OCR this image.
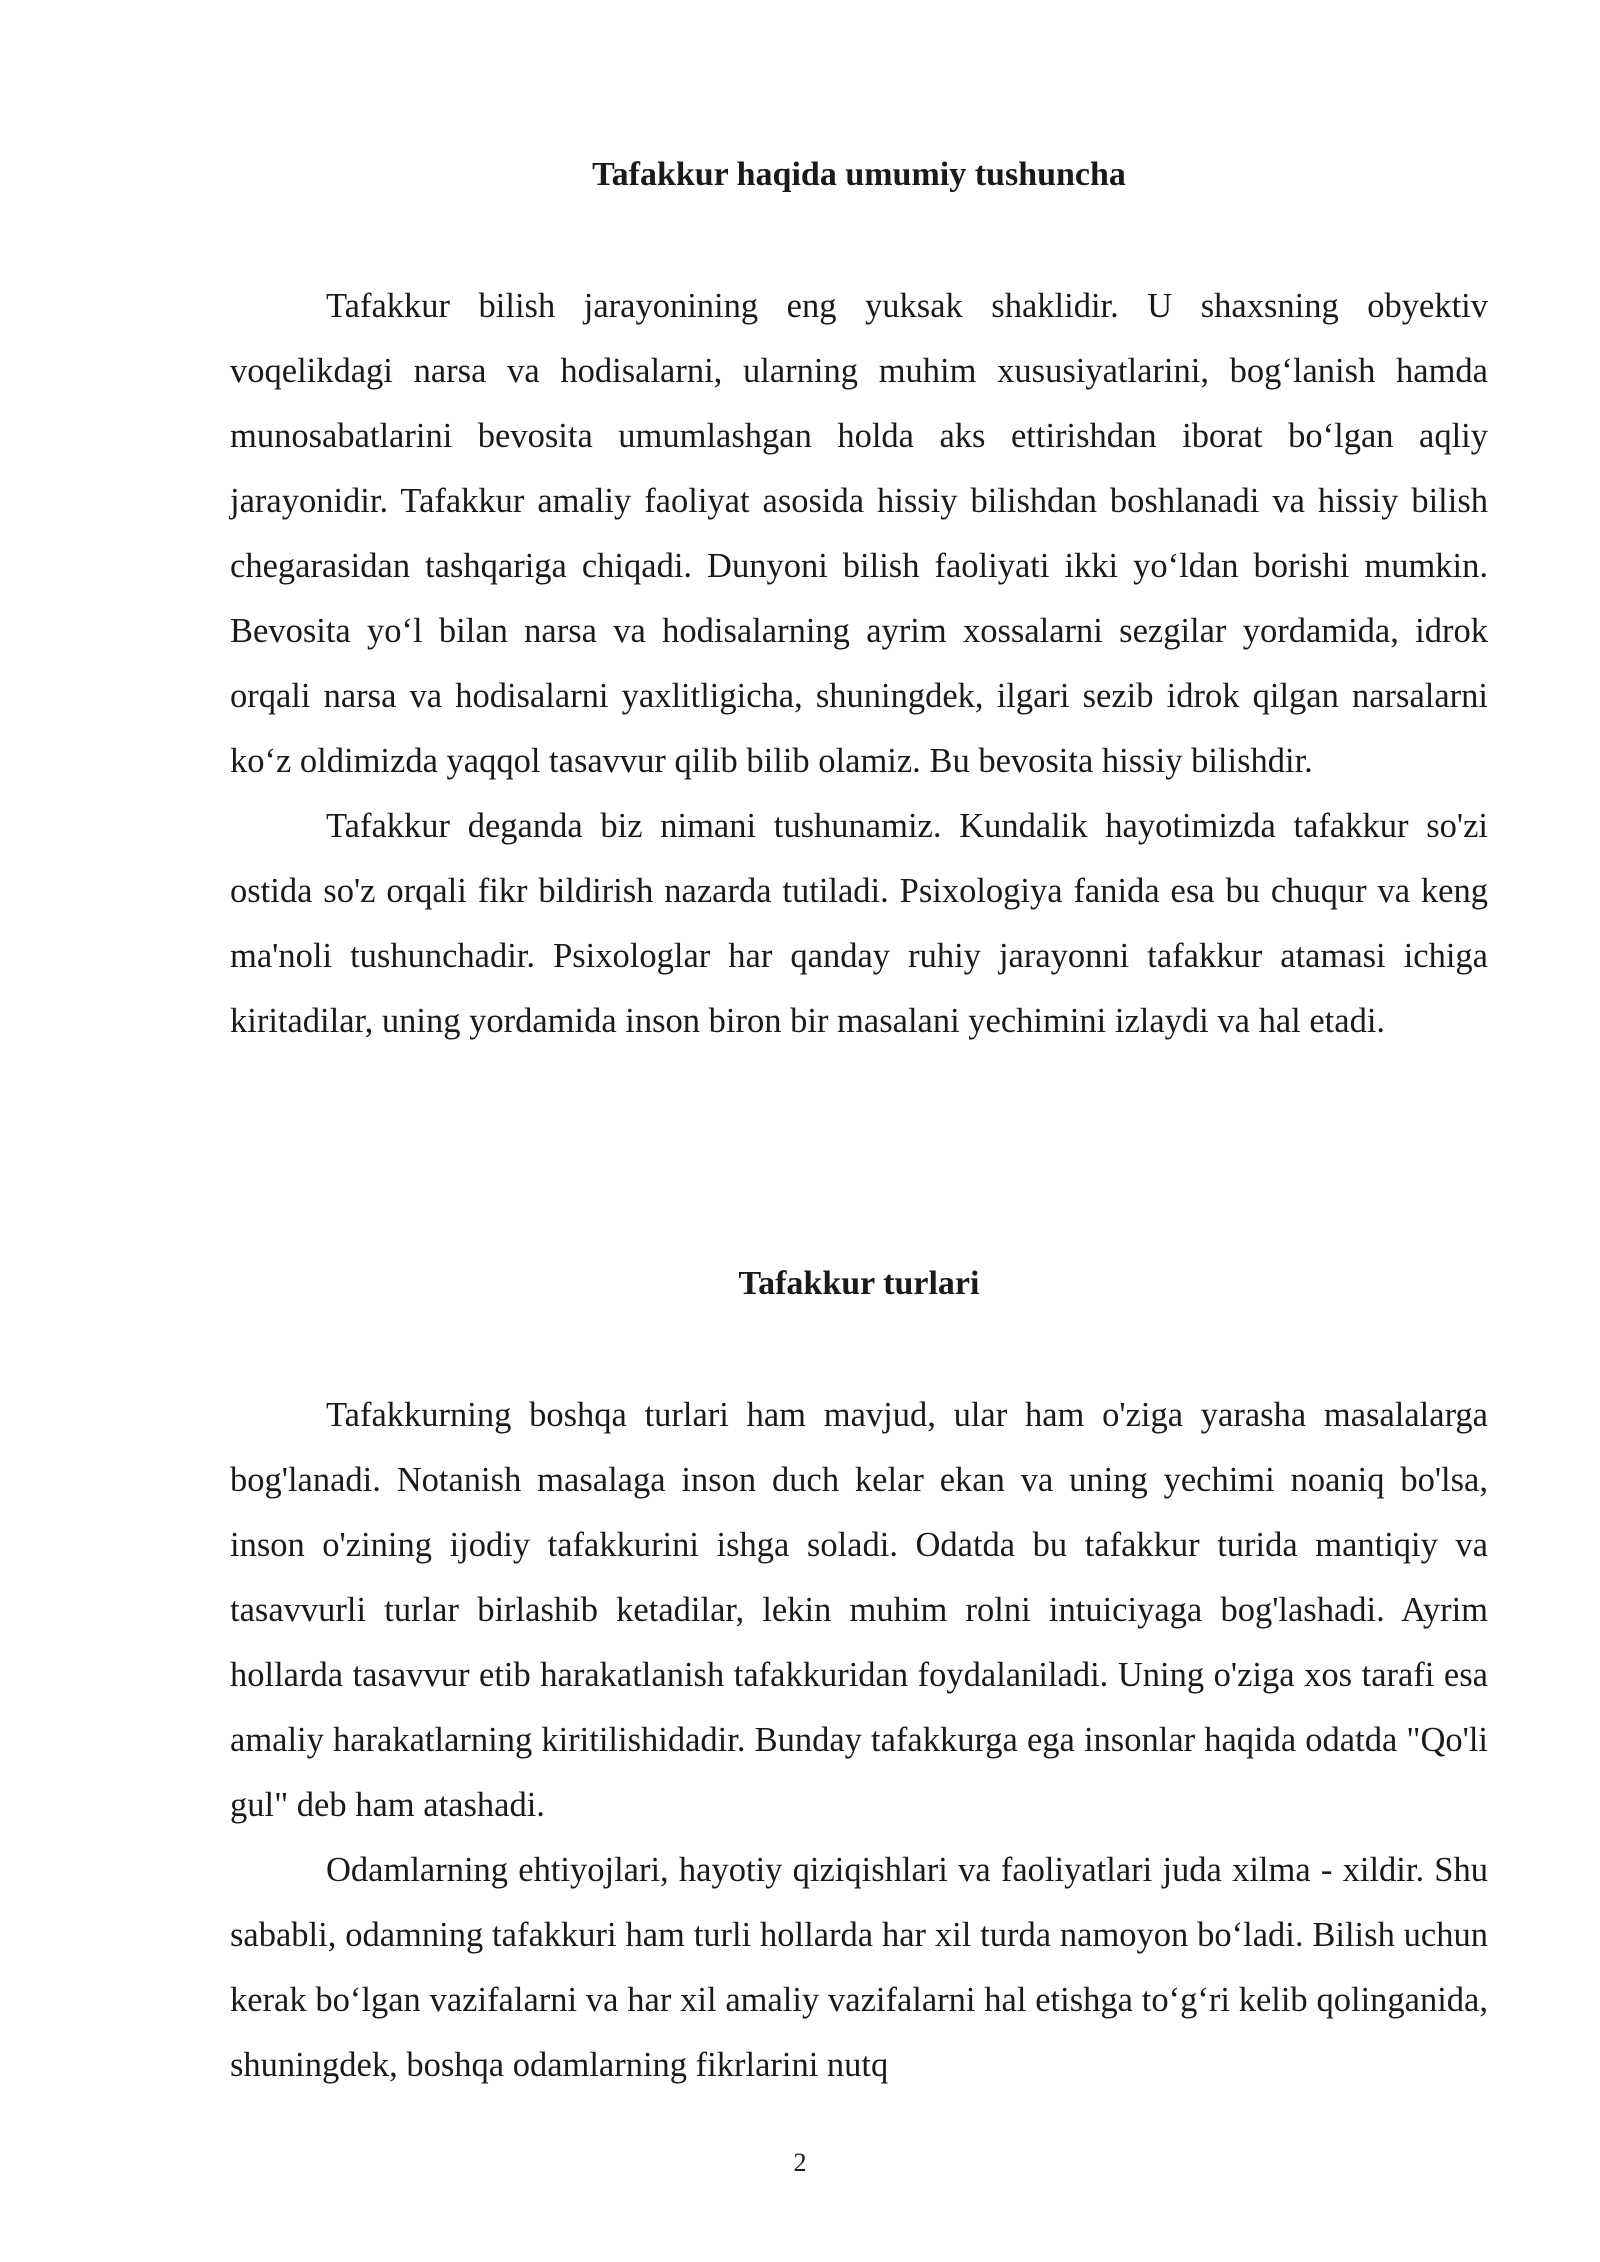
Tafakkur haqida umumiy tushuncha

Tafakkur bilish jarayonining eng yuksak shaklidir. U shaxsning obyektiv voqelikdagi narsa va hodisalarni, ularning muhim xususiyatlarini, bog‘lanish hamda munosabatlarini bevosita umumlashgan holda aks ettirishdan iborat bo‘lgan aqliy jarayonidir. Tafakkur amaliy faoliyat asosida hissiy bilishdan boshlanadi va hissiy bilish chegarasidan tashqariga chiqadi. Dunyoni bilish faoliyati ikki yo‘ldan borishi mumkin. Bevosita yo‘l bilan narsa va hodisalarning ayrim xossalarni sezgilar yordamida, idrok orqali narsa va hodisalarni yaxlitligicha, shuningdek, ilgari sezib idrok qilgan narsalarni ko‘z oldimizda yaqqol tasavvur qilib bilib olamiz. Bu bevosita hissiy bilishdir.

Tafakkur deganda biz nimani tushunamiz. Kundalik hayotimizda tafakkur so'zi ostida so'z orqali fikr bildirish nazarda tutiladi. Psixologiya fanida esa bu chuqur va keng ma'noli tushunchadir. Psixologlar har qanday ruhiy jarayonni tafakkur atamasi ichiga kiritadilar, uning yordamida inson biron bir masalani yechimini izlaydi va hal etadi.

Tafakkur turlari

Tafakkurning boshqa turlari ham mavjud, ular ham o'ziga yarasha masalalarga bog'lanadi. Notanish masalaga inson duch kelar ekan va uning yechimi noaniq bo'lsa, inson o'zining ijodiy tafakkurini ishga soladi. Odatda bu tafakkur turida mantiqiy va tasavvurli turlar birlashib ketadilar, lekin muhim rolni intuiciyaga bog'lashadi. Ayrim hollarda tasavvur etib harakatlanish tafakkuridan foydalaniladi. Uning o'ziga xos tarafi esa amaliy harakatlarning kiritilishidadir. Bunday tafakkurga ega insonlar haqida odatda "Qo'li gul" deb ham atashadi.

Odamlarning ehtiyojlari, hayotiy qiziqishlari va faoliyatlari juda xilma - xildir. Shu sababli, odamning tafakkuri ham turli hollarda har xil turda namoyon bo‘ladi. Bilish uchun kerak bo‘lgan vazifalarni va har xil amaliy vazifalarni hal etishga to‘g‘ri kelib qolinganida, shuningdek, boshqa odamlarning fikrlarini nutq

2
